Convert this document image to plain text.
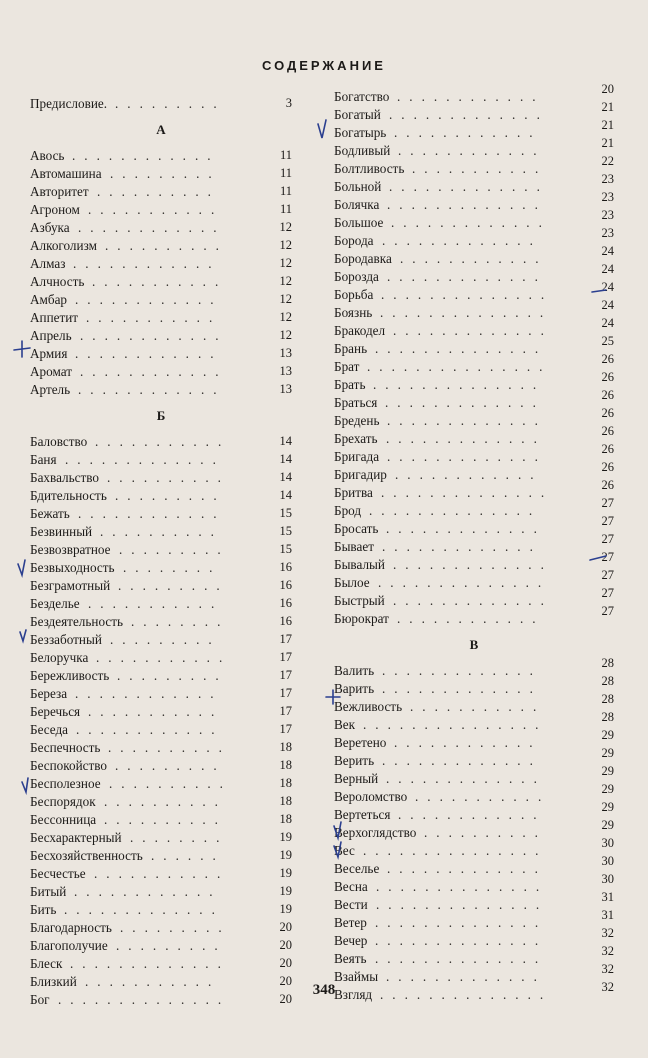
СОДЕРЖАНИЕ
Предисловие. .........	3
А
Авось ............	11
Автомашина .........	11
Авторитет ..........	11
Агроном ...........	11
Азбука ............	12
Алкоголизм ..........	12
Алмаз ............	12
Алчность ...........	12
Амбар ............	12
Аппетит ...........	12
Апрель ............	12
Армия ............	13
Аромат ............	13
Артель ............	13
Б
Баловство ...........	14
Баня .............	14
Бахвальство ..........	14
Бдительность .........	14
Бежать ............	15
Безвинный ..........	15
Безвозвратное .........	15
Безвыходность ........	16
Безграмотный .........	16
Безделье ...........	16
Бездеятельность ........	16
Беззаботный .........	17
Белоручка ...........	17
Бережливость .........	17
Береза ............	17
Беречься ...........	17
Беседа ............	17
Беспечность ..........	18
Беспокойство .........	18
Бесполезное ..........	18
Беспорядок ..........	18
Бессонница ..........	18
Бесхарактерный ........	19
Бесхозяйственность ......	19
Бесчестье ...........	19
Битый ............	19
Бить .............	19
Благодарность .........	20
Благополучие .........	20
Блеск .............	20
Близкий ...........	20
Бог ..............	20
Богатство ............	20
Богатый .............	21
Богатырь ............	21
Бодливый ............	21
Болтливость ...........	22
Больной .............	23
Болячка .............	23
Большое .............	23
Борода .............	23
Бородавка ............	24
Борозда .............	24
Борьба ..............	24
Боязнь ..............	24
Бракодел .............	24
Брань ..............	25
Брат ...............	26
Брать ..............	26
Браться .............	26
Бредень .............	26
Брехать .............	26
Бригада .............	26
Бригадир ............	26
Бритва ..............	26
Брод ..............	27
Бросать .............	27
Бывает .............	27
Бывалый .............	27
Былое ..............	27
Быстрый .............	27
Бюрократ ............	27
В
Валить .............	28
Варить .............	28
Вежливость ...........	28
Век ...............	28
Веретено ............	29
Верить .............	29
Верный .............	29
Вероломство ...........	29
Вертеться ............	29
Верхоглядство ..........	29
Вес ...............	30
Веселье .............	30
Весна ..............	30
Вести ..............	31
Ветер ..............	31
Вечер ..............	32
Веять ..............	32
Взаймы .............	32
Взгляд ..............	32
348
